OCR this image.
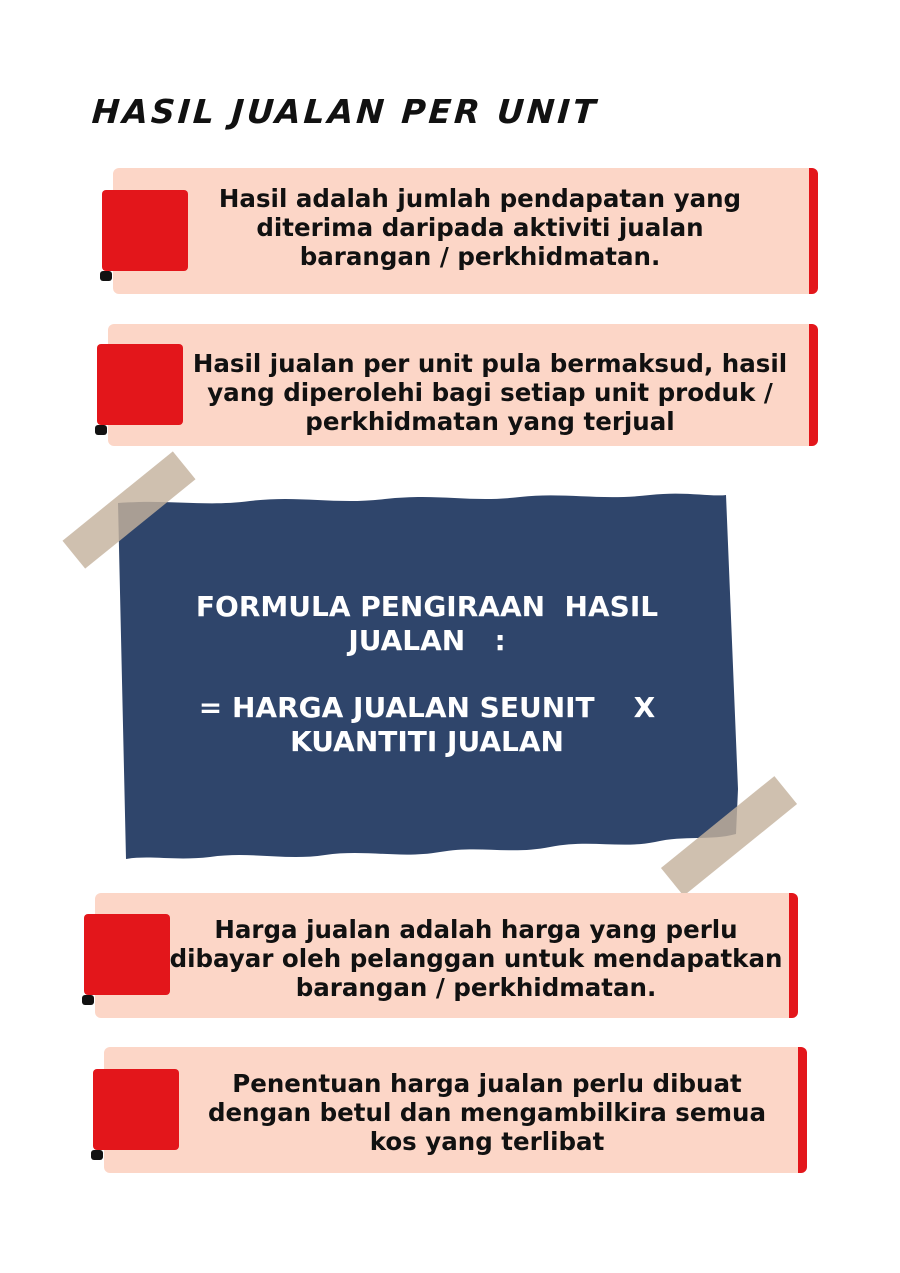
HASIL JUALAN PER UNIT
Hasil adalah jumlah pendapatan yang
diterima daripada aktiviti jualan
barangan / perkhidmatan.
Hasil jualan per unit pula bermaksud, hasil
yang diperolehi bagi setiap unit produk /
perkhidmatan yang terjual
FORMULA PENGIRAAN  HASIL
JUALAN   :
= HARGA JUALAN SEUNIT    X
KUANTITI JUALAN
Harga jualan adalah harga yang perlu
dibayar oleh pelanggan untuk mendapatkan
barangan / perkhidmatan.
Penentuan harga jualan perlu dibuat
dengan betul dan mengambilkira semua
kos yang terlibat
